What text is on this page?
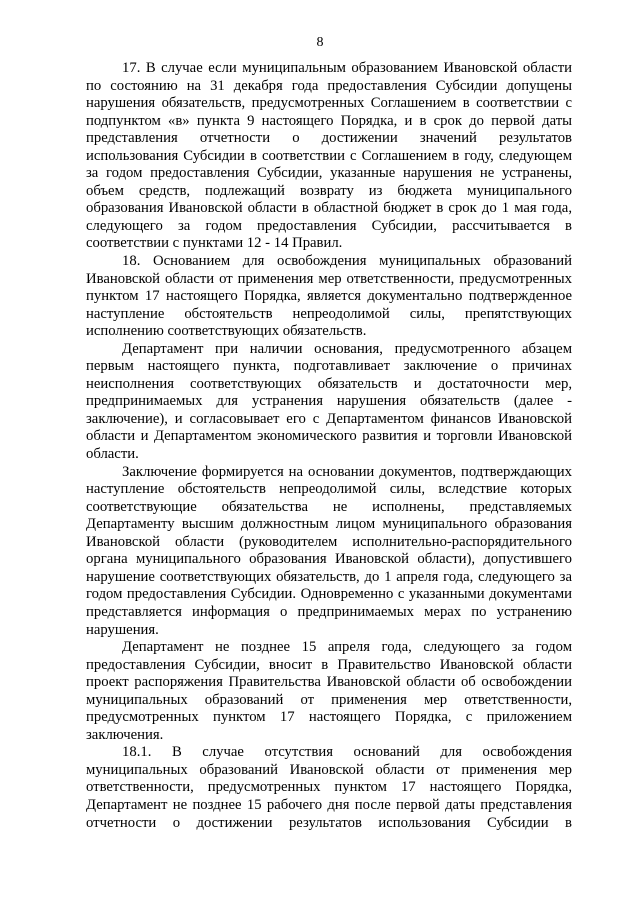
8

17. В случае если муниципальным образованием Ивановской области по состоянию на 31 декабря года предоставления Субсидии допущены нарушения обязательств, предусмотренных Соглашением в соответствии с подпунктом «в» пункта 9 настоящего Порядка, и в срок до первой даты представления отчетности о достижении значений результатов использования Субсидии в соответствии с Соглашением в году, следующем за годом предоставления Субсидии, указанные нарушения не устранены, объем средств, подлежащий возврату из бюджета муниципального образования Ивановской области в областной бюджет в срок до 1 мая года, следующего за годом предоставления Субсидии, рассчитывается в соответствии с пунктами 12 - 14 Правил.

18. Основанием для освобождения муниципальных образований Ивановской области от применения мер ответственности, предусмотренных пунктом 17 настоящего Порядка, является документально подтвержденное наступление обстоятельств непреодолимой силы, препятствующих исполнению соответствующих обязательств.

Департамент при наличии основания, предусмотренного абзацем первым настоящего пункта, подготавливает заключение о причинах неисполнения соответствующих обязательств и достаточности мер, предпринимаемых для устранения нарушения обязательств (далее - заключение), и согласовывает его с Департаментом финансов Ивановской области и Департаментом экономического развития и торговли Ивановской области.

Заключение формируется на основании документов, подтверждающих наступление обстоятельств непреодолимой силы, вследствие которых соответствующие обязательства не исполнены, представляемых Департаменту высшим должностным лицом муниципального образования Ивановской области (руководителем исполнительно-распорядительного органа муниципального образования Ивановской области), допустившего нарушение соответствующих обязательств, до 1 апреля года, следующего за годом предоставления Субсидии. Одновременно с указанными документами представляется информация о предпринимаемых мерах по устранению нарушения.

Департамент не позднее 15 апреля года, следующего за годом предоставления Субсидии, вносит в Правительство Ивановской области проект распоряжения Правительства Ивановской области об освобождении муниципальных образований от применения мер ответственности, предусмотренных пунктом 17 настоящего Порядка, с приложением заключения.

18.1. В случае отсутствия оснований для освобождения муниципальных образований Ивановской области от применения мер ответственности, предусмотренных пунктом 17 настоящего Порядка, Департамент не позднее 15 рабочего дня после первой даты представления отчетности о достижении результатов использования Субсидии в
